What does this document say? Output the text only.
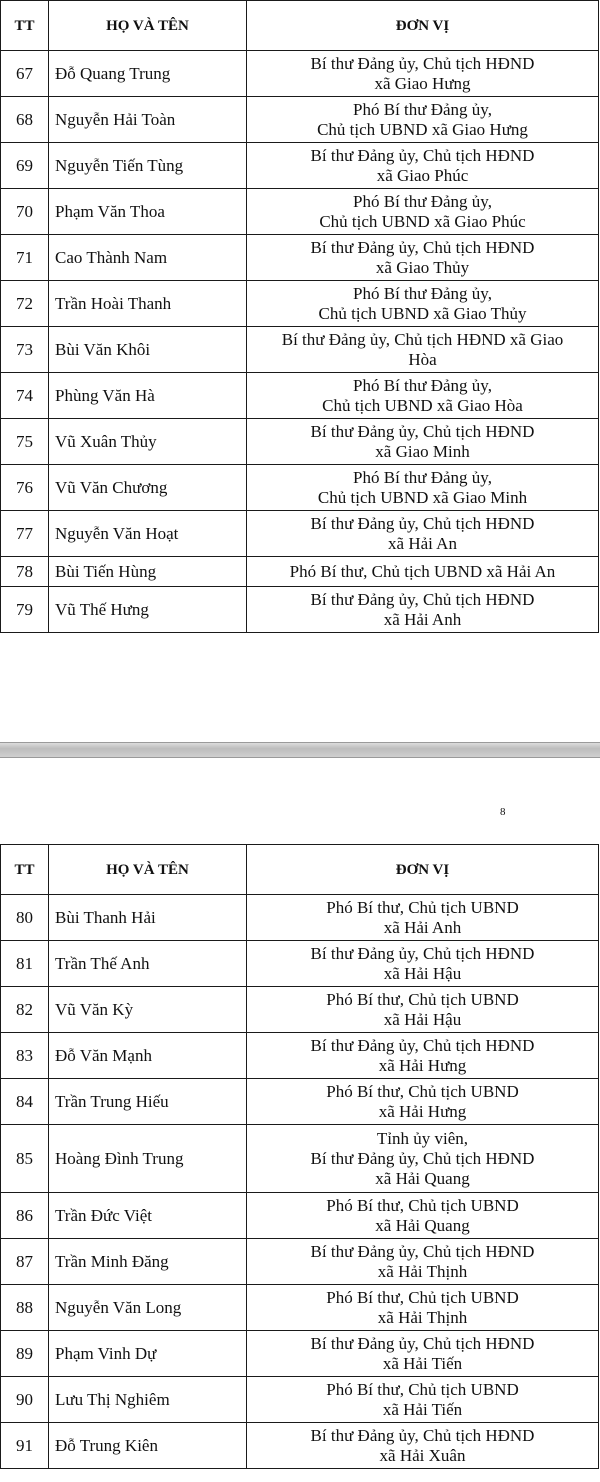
TT	HỌ VÀ TÊN	ĐƠN VỊ
67	Đỗ Quang Trung	Bí thư Đảng ủy, Chủ tịch HĐND
xã Giao Hưng
68	Nguyễn Hải Toàn	Phó Bí thư Đảng ủy,
Chủ tịch UBND xã Giao Hưng
69	Nguyễn Tiến Tùng	Bí thư Đảng ủy, Chủ tịch HĐND
xã Giao Phúc
70	Phạm Văn Thoa	Phó Bí thư Đảng ủy,
Chủ tịch UBND xã Giao Phúc
71	Cao Thành Nam	Bí thư Đảng ủy, Chủ tịch HĐND
xã Giao Thủy
72	Trần Hoài Thanh	Phó Bí thư Đảng ủy,
Chủ tịch UBND xã Giao Thủy
73	Bùi Văn Khôi	Bí thư Đảng ủy, Chủ tịch HĐND xã Giao
Hòa
74	Phùng Văn Hà	Phó Bí thư Đảng ủy,
Chủ tịch UBND xã Giao Hòa
75	Vũ Xuân Thủy	Bí thư Đảng ủy, Chủ tịch HĐND
xã Giao Minh
76	Vũ Văn Chương	Phó Bí thư Đảng ủy,
Chủ tịch UBND xã Giao Minh
77	Nguyễn Văn Hoạt	Bí thư Đảng ủy, Chủ tịch HĐND
xã Hải An
78	Bùi Tiến Hùng	Phó Bí thư, Chủ tịch UBND xã Hải An
79	Vũ Thế Hưng	Bí thư Đảng ủy, Chủ tịch HĐND
xã Hải Anh
8
TT	HỌ VÀ TÊN	ĐƠN VỊ
80	Bùi Thanh Hải	Phó Bí thư, Chủ tịch UBND
xã Hải Anh
81	Trần Thế Anh	Bí thư Đảng ủy, Chủ tịch HĐND
xã Hải Hậu
82	Vũ Văn Kỳ	Phó Bí thư, Chủ tịch UBND
xã Hải Hậu
83	Đỗ Văn Mạnh	Bí thư Đảng ủy, Chủ tịch HĐND
xã Hải Hưng
84	Trần Trung Hiếu	Phó Bí thư, Chủ tịch UBND
xã Hải Hưng
85	Hoàng Đình Trung	Tỉnh ủy viên,
Bí thư Đảng ủy, Chủ tịch HĐND
xã Hải Quang
86	Trần Đức Việt	Phó Bí thư, Chủ tịch UBND
xã Hải Quang
87	Trần Minh Đăng	Bí thư Đảng ủy, Chủ tịch HĐND
xã Hải Thịnh
88	Nguyễn Văn Long	Phó Bí thư, Chủ tịch UBND
xã Hải Thịnh
89	Phạm Vinh Dự	Bí thư Đảng ủy, Chủ tịch HĐND
xã Hải Tiến
90	Lưu Thị Nghiêm	Phó Bí thư, Chủ tịch UBND
xã Hải Tiến
91	Đỗ Trung Kiên	Bí thư Đảng ủy, Chủ tịch HĐND
xã Hải Xuân
